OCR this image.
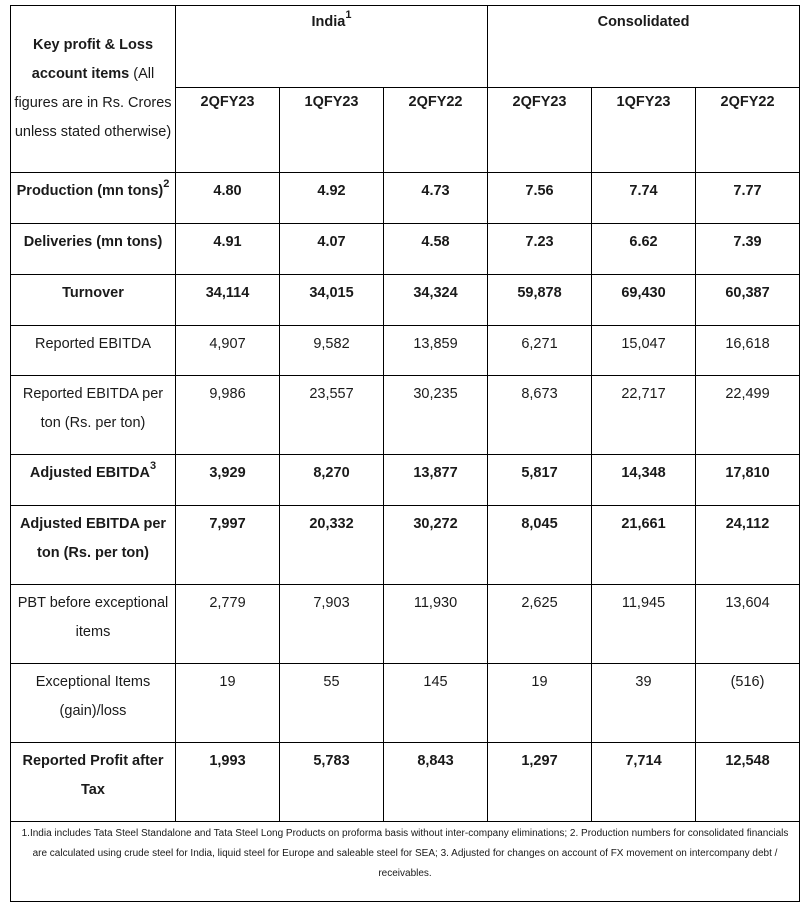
Key profit & Loss account items (All figures are in Rs. Crores unless stated otherwise)	India$^1$			Consolidated		
	2QFY23	1QFY23	2QFY22	2QFY23	1QFY23	2QFY22
Production (mn tons)$^2$	4.80	4.92	4.73	7.56	7.74	7.77
Deliveries (mn tons)	4.91	4.07	4.58	7.23	6.62	7.39
Turnover	34,114	34,015	34,324	59,878	69,430	60,387
Reported EBITDA	4,907	9,582	13,859	6,271	15,047	16,618
Reported EBITDA per ton (Rs. per ton)	9,986	23,557	30,235	8,673	22,717	22,499
Adjusted EBITDA$^3$	3,929	8,270	13,877	5,817	14,348	17,810
Adjusted EBITDA per ton (Rs. per ton)	7,997	20,332	30,272	8,045	21,661	24,112
PBT before exceptional items	2,779	7,903	11,930	2,625	11,945	13,604
Exceptional Items (gain)/loss	19	55	145	19	39	(516)
Reported Profit after Tax	1,993	5,783	8,843	1,297	7,714	12,548
1.India includes Tata Steel Standalone and Tata Steel Long Products on proforma basis without inter-company eliminations; 2. Production numbers for consolidated financials are calculated using crude steel for India, liquid steel for Europe and saleable steel for SEA; 3. Adjusted for changes on account of FX movement on intercompany debt / receivables.						
